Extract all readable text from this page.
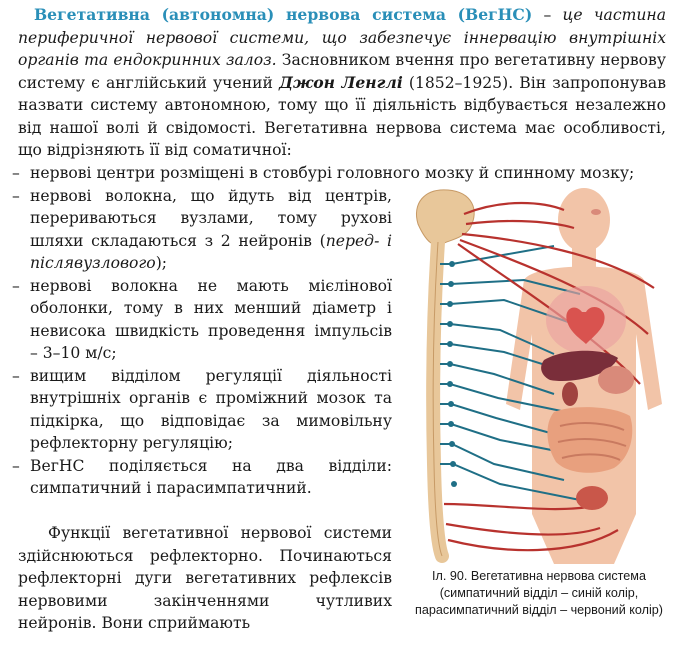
Вегетативна (автономна) нервова система (ВегНС) – це частина периферичної нервової системи, що забезпечує іннервацію внутрішніх органів та ендокринних залоз. Засновником вчення про вегетативну нервову систему є англійський учений Джон Ленглі (1852–1925). Він запропонував назвати систему автономною, тому що її діяльність відбувається незалежно від нашої волі й свідомості. Вегетативна нервова система має особливості, що відрізняють її від соматичної:

– нервові центри розміщені в стовбурі головного мозку й спинному мозку;
– нервові волокна, що йдуть від центрів, перериваються вузлами, тому рухові шляхи складаються з 2 нейронів (перед- і післявузлового);
– нервові волокна не мають мієлінової оболонки, тому в них менший діаметр і невисока швидкість проведення імпульсів – 3–10 м/с;
– вищим відділом регуляції діяльності внутрішніх органів є проміжний мозок та підкірка, що відповідає за мимовільну рефлекторну регуляцію;
– ВегНС поділяється на два відділи: симпатичний і парасимпатичний.

Функції вегетативної нервової системи здійснюються рефлекторно. Починаються рефлекторні дуги вегетативних рефлексів нервовими закінченнями чутливих нейронів. Вони сприймають

Іл. 90. Вегетативна нервова система (симпатичний відділ – синій колір, парасимпатичний відділ – червоний колір)
